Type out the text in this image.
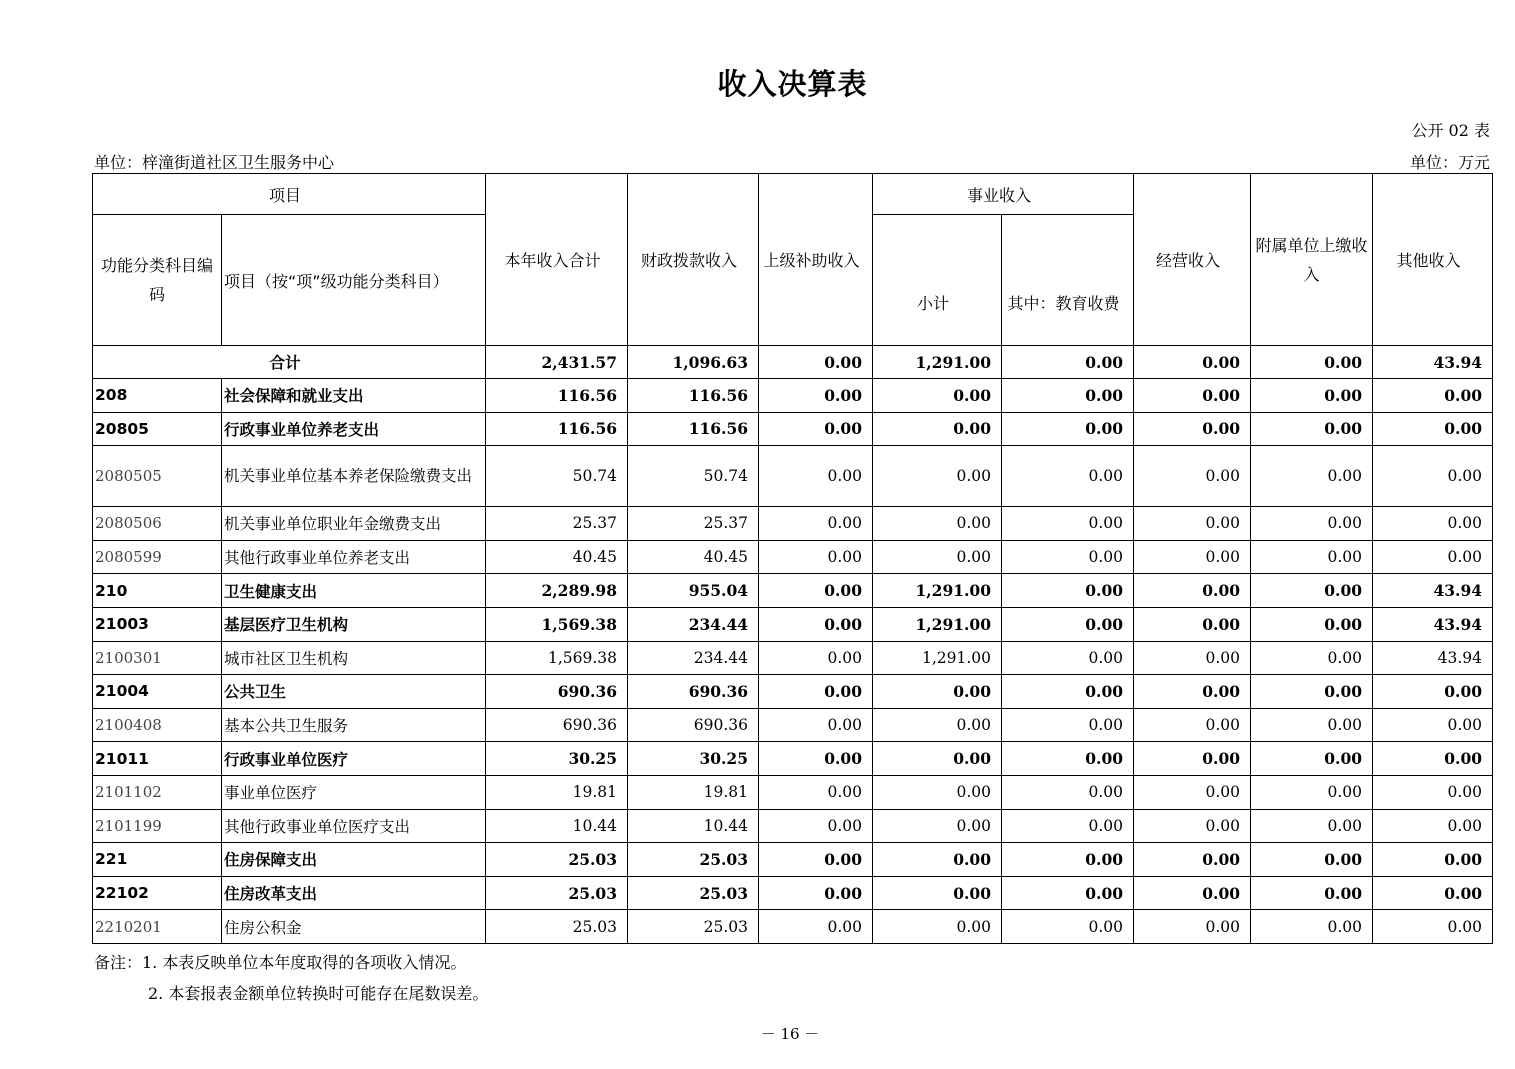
收入决算表
公开 02 表
单位：梓潼街道社区卫生服务中心	单位：万元
项目		本年收入合计	财政拨款收入	上级补助收入	事业收入		经营收入	附属单位上缴收入	其他收入
功能分类科目编码	项目（按“项”级功能分类科目）				小计	其中：教育收费			
合计		2,431.57	1,096.63	0.00	1,291.00	0.00	0.00	0.00	43.94
208	社会保障和就业支出	116.56	116.56	0.00	0.00	0.00	0.00	0.00	0.00
20805	行政事业单位养老支出	116.56	116.56	0.00	0.00	0.00	0.00	0.00	0.00
2080505	机关事业单位基本养老保险缴费支出	50.74	50.74	0.00	0.00	0.00	0.00	0.00	0.00
2080506	机关事业单位职业年金缴费支出	25.37	25.37	0.00	0.00	0.00	0.00	0.00	0.00
2080599	其他行政事业单位养老支出	40.45	40.45	0.00	0.00	0.00	0.00	0.00	0.00
210	卫生健康支出	2,289.98	955.04	0.00	1,291.00	0.00	0.00	0.00	43.94
21003	基层医疗卫生机构	1,569.38	234.44	0.00	1,291.00	0.00	0.00	0.00	43.94
2100301	城市社区卫生机构	1,569.38	234.44	0.00	1,291.00	0.00	0.00	0.00	43.94
21004	公共卫生	690.36	690.36	0.00	0.00	0.00	0.00	0.00	0.00
2100408	基本公共卫生服务	690.36	690.36	0.00	0.00	0.00	0.00	0.00	0.00
21011	行政事业单位医疗	30.25	30.25	0.00	0.00	0.00	0.00	0.00	0.00
2101102	事业单位医疗	19.81	19.81	0.00	0.00	0.00	0.00	0.00	0.00
2101199	其他行政事业单位医疗支出	10.44	10.44	0.00	0.00	0.00	0.00	0.00	0.00
221	住房保障支出	25.03	25.03	0.00	0.00	0.00	0.00	0.00	0.00
22102	住房改革支出	25.03	25.03	0.00	0.00	0.00	0.00	0.00	0.00
2210201	住房公积金	25.03	25.03	0.00	0.00	0.00	0.00	0.00	0.00
备注：1. 本表反映单位本年度取得的各项收入情况。
2. 本套报表金额单位转换时可能存在尾数误差。
－ 16 －
